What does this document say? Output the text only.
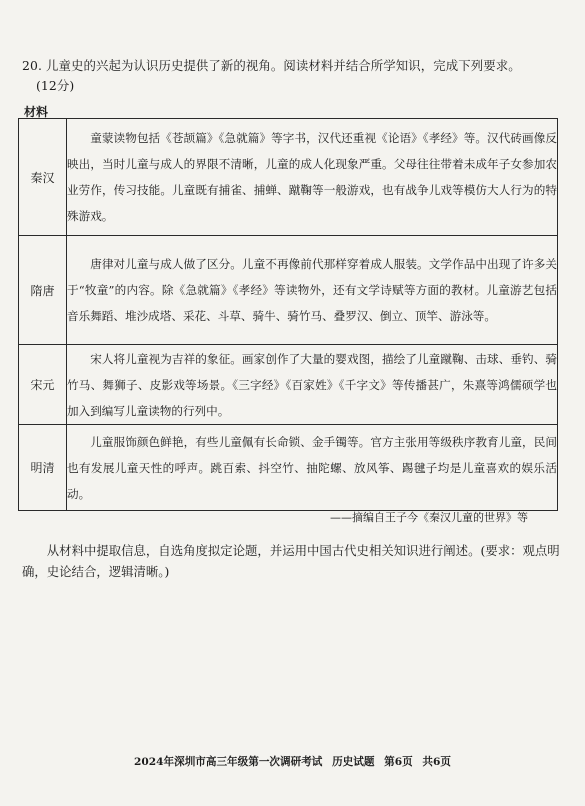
20. 儿童史的兴起为认识历史提供了新的视角。阅读材料并结合所学知识，完成下列要求。
(12分)
材料
秦汉	童蒙读物包括《苍颉篇》《急就篇》等字书，汉代还重视《论语》《孝经》等。汉代砖画像反映出，当时儿童与成人的界限不清晰，儿童的成人化现象严重。父母往往带着未成年子女参加农业劳作，传习技能。儿童既有捕雀、捕蝉、蹴鞠等一般游戏，也有战争儿戏等模仿大人行为的特殊游戏。

隋唐	唐律对儿童与成人做了区分。儿童不再像前代那样穿着成人服装。文学作品中出现了许多关于“牧童”的内容。除《急就篇》《孝经》等读物外，还有文学诗赋等方面的教材。儿童游艺包括音乐舞蹈、堆沙成塔、采花、斗草、骑牛、骑竹马、叠罗汉、倒立、顶竿、游泳等。

宋元	宋人将儿童视为吉祥的象征。画家创作了大量的婴戏图，描绘了儿童蹴鞠、击球、垂钓、骑竹马、舞狮子、皮影戏等场景。《三字经》《百家姓》《千字文》等传播甚广，朱熹等鸿儒硕学也加入到编写儿童读物的行列中。

明清	儿童服饰颜色鲜艳，有些儿童佩有长命锁、金手镯等。官方主张用等级秩序教育儿童，民间也有发展儿童天性的呼声。跳百索、抖空竹、抽陀螺、放风筝、踢毽子均是儿童喜欢的娱乐活动。

——摘编自王子今《秦汉儿童的世界》等

从材料中提取信息，自选角度拟定论题，并运用中国古代史相关知识进行阐述。(要求：观点明确，史论结合，逻辑清晰。)

2024年深圳市高三年级第一次调研考试 历史试题 第6页 共6页
